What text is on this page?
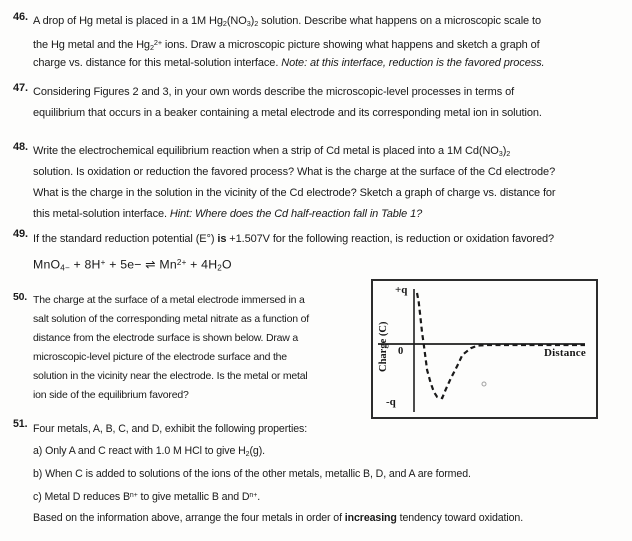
46. A drop of Hg metal is placed in a 1M Hg2(NO3)2 solution. Describe what happens on a microscopic scale to
the Hg metal and the $Hg2^{2+}$ ions. Draw a microscopic picture showing what happens and sketch a graph of
charge vs. distance for this metal-solution interface. Note: at this interface, reduction is the favored process.
47. Considering Figures 2 and 3, in your own words describe the microscopic-level processes in terms of
equilibrium that occurs in a beaker containing a metal electrode and its corresponding metal ion in solution.
48. Write the electrochemical equilibrium reaction when a strip of Cd metal is placed into a 1M Cd(NO3)2
solution. Is oxidation or reduction the favored process? What is the charge at the surface of the Cd electrode?
What is the charge in the solution in the vicinity of the Cd electrode? Sketch a graph of charge vs. distance for
this metal-solution interface. Hint: Where does the Cd half-reaction fall in Table 1?
49. If the standard reduction potential (E°) is +1.507V for the following reaction, is reduction or oxidation favored?
MnO4− + 8H+ + 5e− ⇌ $Mn^{2+} + 4H2O$
50. The charge at the surface of a metal electrode immersed in a
salt solution of the corresponding metal nitrate as a function of
distance from the electrode surface is shown below. Draw a
microscopic-level picture of the electrode surface and the
solution in the vicinity near the electrode. Is the metal or metal
ion side of the equilibrium favored?
51. Four metals, A, B, C, and D, exhibit the following properties:
a) Only A and C react with 1.0 M HCl to give H2(g).
b) When C is added to solutions of the ions of the other metals, metallic B, D, and A are formed.
c) Metal D reduces $B^{n+}$ to give metallic B and $D^{n+}$.
Based on the information above, arrange the four metals in order of increasing tendency toward oxidation.
+q
0
-q
Distance
Charge (C)
